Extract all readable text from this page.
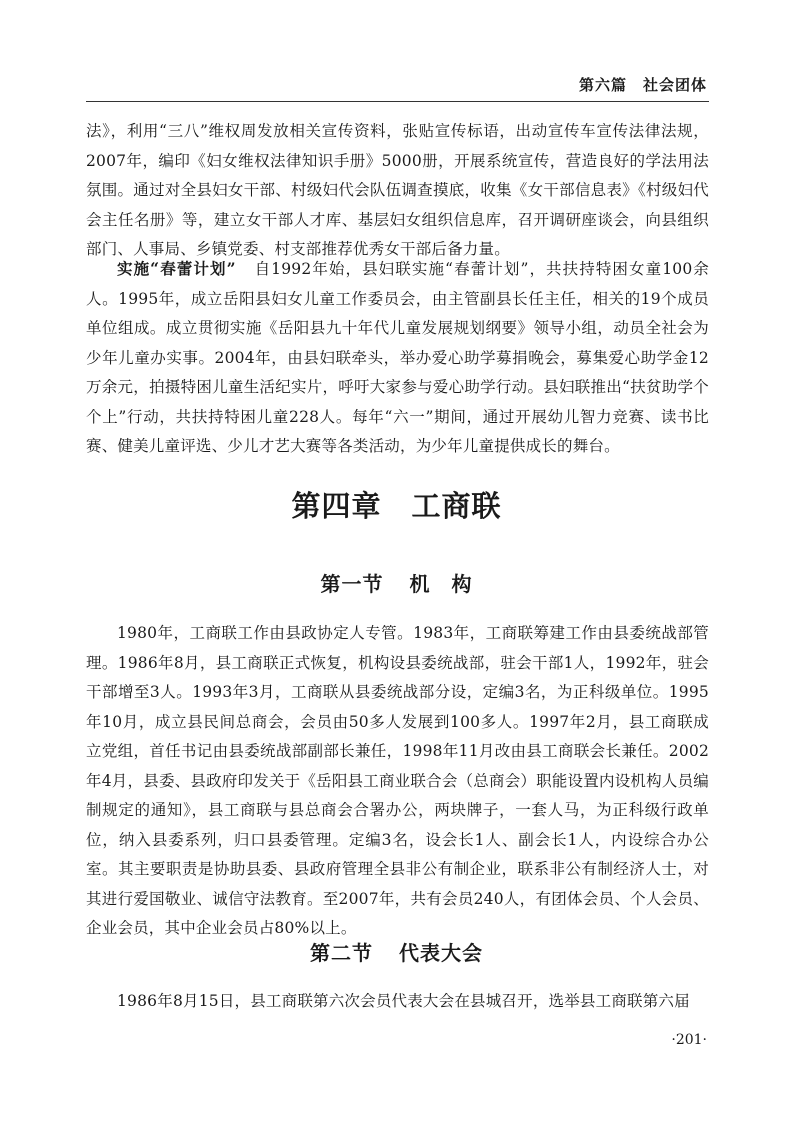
第六篇　社会团体

法》，利用“三八”维权周发放相关宣传资料，张贴宣传标语，出动宣传车宣传法律法规，2007年，编印《妇女维权法律知识手册》5000册，开展系统宣传，营造良好的学法用法氛围。通过对全县妇女干部、村级妇代会队伍调查摸底，收集《女干部信息表》《村级妇代会主任名册》等，建立女干部人才库、基层妇女组织信息库，召开调研座谈会，向县组织部门、人事局、乡镇党委、村支部推荐优秀女干部后备力量。

实施“春蕾计划” 自1992年始，县妇联实施“春蕾计划”，共扶持特困女童100余人。1995年，成立岳阳县妇女儿童工作委员会，由主管副县长任主任，相关的19个成员单位组成。成立贯彻实施《岳阳县九十年代儿童发展规划纲要》领导小组，动员全社会为少年儿童办实事。2004年，由县妇联牵头，举办爱心助学募捐晚会，募集爱心助学金12万余元，拍摄特困儿童生活纪实片，呼吁大家参与爱心助学行动。县妇联推出“扶贫助学个个上”行动，共扶持特困儿童228人。每年“六一”期间，通过开展幼儿智力竞赛、读书比赛、健美儿童评选、少儿才艺大赛等各类活动，为少年儿童提供成长的舞台。

第四章　工商联
第一节 机　构

1980年，工商联工作由县政协定人专管。1983年，工商联筹建工作由县委统战部管理。1986年8月，县工商联正式恢复，机构设县委统战部，驻会干部1人，1992年，驻会干部增至3人。1993年3月，工商联从县委统战部分设，定编3名，为正科级单位。1995年10月，成立县民间总商会，会员由50多人发展到100多人。1997年2月，县工商联成立党组，首任书记由县委统战部副部长兼任，1998年11月改由县工商联会长兼任。2002年4月，县委、县政府印发关于《岳阳县工商业联合会（总商会）职能设置内设机构人员编制规定的通知》，县工商联与县总商会合署办公，两块牌子，一套人马，为正科级行政单位，纳入县委系列，归口县委管理。定编3名，设会长1人、副会长1人，内设综合办公室。其主要职责是协助县委、县政府管理全县非公有制企业，联系非公有制经济人士，对其进行爱国敬业、诚信守法教育。至2007年，共有会员240人，有团体会员、个人会员、企业会员，其中企业会员占80%以上。

第二节 代表大会

1986年8月15日，县工商联第六次会员代表大会在县城召开，选举县工商联第六届

·201·
